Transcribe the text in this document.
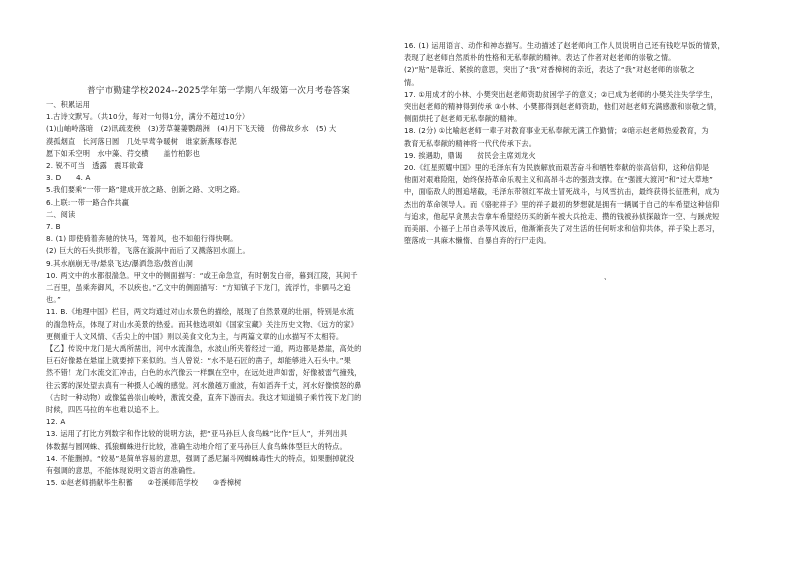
普宁市勤建学校2024--2025学年第一学期八年级第一次月考卷答案
一、积累运用
1.古诗文默写。（共10分，每对一句得1分，满分不超过10分）
(1)山岫岭落暗　(2)讯疏麦秧　(3)芳草萋萋鹦鹉洲　(4)月下飞天镜　仿佛故乡水　(5) 大
漠孤烟直　长河落日圆　几处早莺争暖树　谁家新燕啄春泥
愿下如禾空明　水中藻、荇交横　　盖竹柏影也
2. 锐不可当　透露　震耳欲聋
3. D　　4. A
5.我们要乘“一带一路”建成开放之路、创新之路、文明之路。
6.上联:一带一路合作共赢
二、阅读
7. B
8. (1) 即使骑着奔驰的快马，驾着风，也不如船行得快啊。
(2) 巨大的石头拱形着，飞落在漩涡中而后了又溅落回水面上。
9.其水崩崩无寻/悬泉飞达/瀑洒急恣/鼓首山洞
10. 两文中的水都很湍急。甲文中的侧面描写：“或王命急宣，有时朝发白帝，暮到江陵，其间千
二百里，虽乘奔御风，不以疾也。”乙文中的侧面描写：“方知镇子下龙门，流浮竹，非驷马之追
也。”
11. B.《地理中国》栏目，两文均通过对山水景色的描绘，展现了自然景观的壮丽，特别是水流
的湍急特点，体现了对山水美景的热爱。而其他选项如《国家宝藏》关注历史文物、《远方的家》
更侧重于人文风情、《舌尖上的中国》则以美食文化为主，与两篇文章的山水描写不太相符。
【乙】传说中龙门是大禹所凿出，河中水流湍急，水波山所夹着经过一道，两边都是悬崖，高处的
巨石好像悬在悬崖上就要掉下来似的。当人曾说：“水不是石匠的凿子，却能够进入石头中。”果
然不错！龙门水流交汇冲击，白色的水汽像云一样飘在空中，在远处迸声如雷，好像被雷气撞残，
往云雾的深处望去真有一种摄人心魄的感觉。河水激越万重波，有如滔奔千丈，河水好像愤怒的鼻
（古时一种动物）或像猛兽崇山峻岭，激流交叠，直奔下游而去。我这才知道镇子乘竹筏下龙门的
时候，四匹马拉的车也难以追不上。
12. A
13. 运用了打比方列数字和作比较的说明方法，把“亚马孙巨人食鸟蛛”比作“巨人”，并列出具
体数据与圆网蛛、孤狼蜘蛛进行比较，准确生动地介绍了亚马孙巨人食鸟蛛体型巨大的特点。
14. 不能删掉。“较易”是简单容易的意思，强调了悉尼漏斗网蜘蛛毒性大的特点，如果删掉就没
有强调的意思，不能体现说明文语言的准确性。
15. ①赵老师捐献毕生积蓄　　②苍溪师范学校　　③香樟树
16. (1) 运用语言、动作和神态描写。生动描述了赵老师向工作人员说明自己还有钱吃早饭的情景，
表现了赵老师自然质朴的性格和无私奉献的精神。表达了作者对赵老师的崇敬之情。
(2)“贴”是靠近、紧挨的意思，突出了“我”对香樟树的亲近，表达了“我”对赵老师的崇敬之
情。
17. ①用成才的小林、小樊突出赵老师资助贫困学子的意义；②已成为老师的小樊关注失学学生，
突出赵老师的精神得到传承 ③小林、小樊都得到赵老师资助，他们对赵老师充满感激和崇敬之情，
侧面烘托了赵老师无私奉献的精神。
18. (2分) ①比喻赵老师一辈子对教育事业无私奉献无满工作勤情；②暗示赵老师热爱教育，为
教育无私奉献的精神将一代代传承下去。
19. 挨遇助，鼎谒　　贫民会主席刘龙火
20.《红星照耀中国》里的毛泽东有为民族解放而艰苦奋斗和牺牲奉献的崇高信仰，这种信仰是
他面对艰难险阻，始终保持革命乐观主义和高昂斗志的强劲支撑。在“强渡大渡河”和“过大草地”
中，面临敌人的围追堵截，毛泽东带领红军战士冒死战斗，与风雪抗击，最终获得长征胜利，成为
杰出的革命领导人。而《骆驼祥子》里的祥子最初的梦想就是拥有一辆属于自己的车希望这种信仰
与追求，他起早贪黑去告拿车希望经历买的新车被大兵抢走、攒的钱被孙侦探敲诈一空、与蹊虎短
而美丽、小福子上吊自杀等风波后，他渐渐丧失了对生活的任何听求和信仰共体，祥子染上恶习，
堕落成一具麻木懒惰、自暴自弃的行尸走肉。
、
